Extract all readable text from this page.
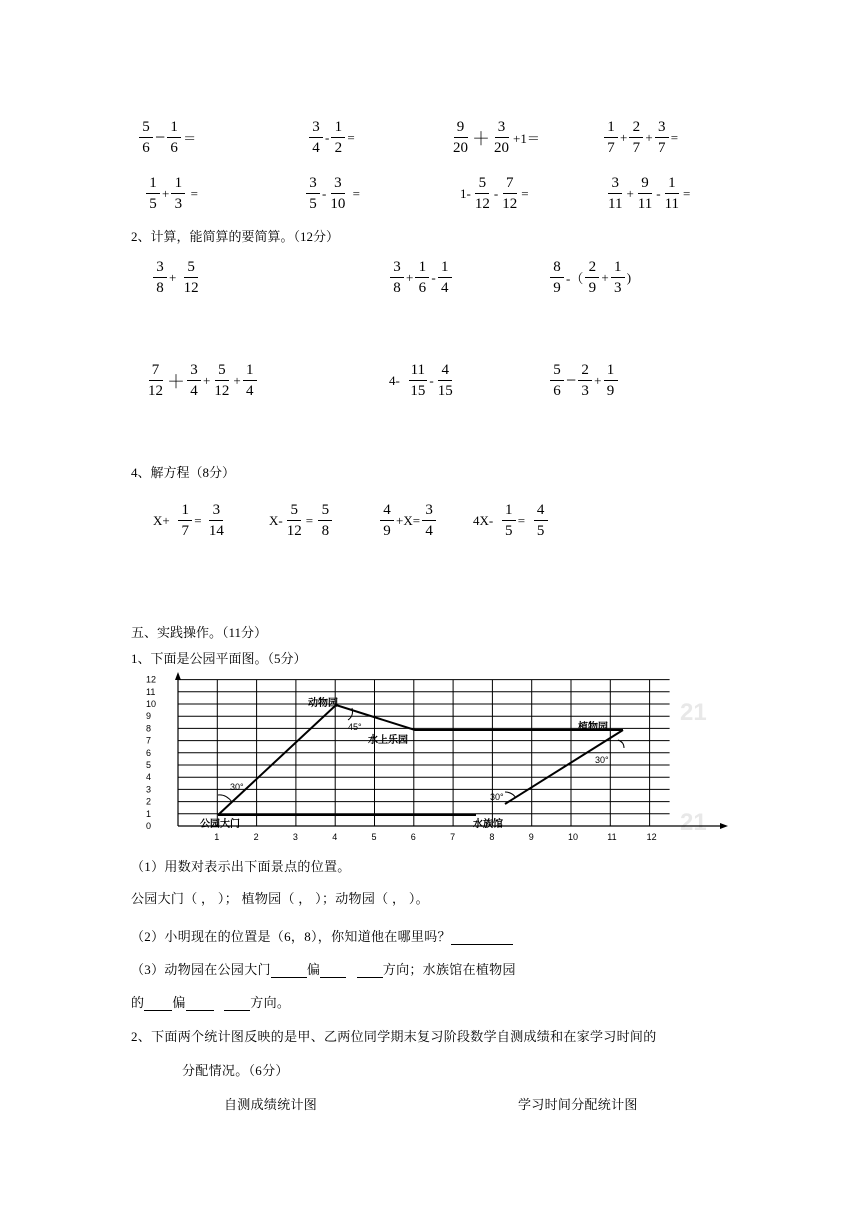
$\frac{5}{6} - \frac{1}{6}$ ＝	$\frac{3}{4} - \frac{1}{2}$ =	$\frac{9}{20} + \frac{3}{20} +1=$	$\frac{1}{7} + \frac{2}{7} + \frac{3}{7}$ =
$\frac{1}{5} + \frac{1}{3}$ =	$\frac{3}{5} - \frac{3}{10}$ =	$1- \frac{5}{12} - \frac{7}{12}$ =	$\frac{3}{11} + \frac{9}{11} - \frac{1}{11}$ =
2、计算，能简算的要简算。（12分）
$\frac{3}{8} + \frac{5}{12}$	$\frac{3}{8} + \frac{1}{6} - \frac{1}{4}$	$\frac{8}{9}$ -（ $\frac{2}{9} + \frac{1}{3}$ )
$\frac{7}{12} + \frac{3}{4} + \frac{5}{12} + \frac{1}{4}$	$4- \frac{11}{15} - \frac{4}{15}$	$\frac{5}{6} - \frac{2}{3} + \frac{1}{9}$
4、解方程（8分）
$X+ \frac{1}{7} = \frac{3}{14}$	$X- \frac{5}{12} = \frac{5}{8}$	$\frac{4}{9} +X= \frac{3}{4}$	$4X- \frac{1}{5} = \frac{4}{5}$
五、实践操作。（11分）
1、下面是公园平面图。（5分）
21
21
1	2	3	4	5	6	7	8	9	10	11	12
0
1
2
3
4
5
6
7
8
9
10
11
12
30°
45°
30°
30°
动物园
水上乐园
植物园
公园大门	水族馆
（1）用数对表示出下面景点的位置。
公园大门（ ， ）； 植物园（ ， ）；动物园（ ， ）。
（2）小明现在的位置是（6，8），你知道他在哪里吗？
（3）动物园在公园大门	偏	方向；水族馆在植物园
的 偏	方向。
2、下面两个统计图反映的是甲、乙两位同学期末复习阶段数学自测成绩和在家学习时间的
分配情况。（6分）
自测成绩统计图	学习时间分配统计图
